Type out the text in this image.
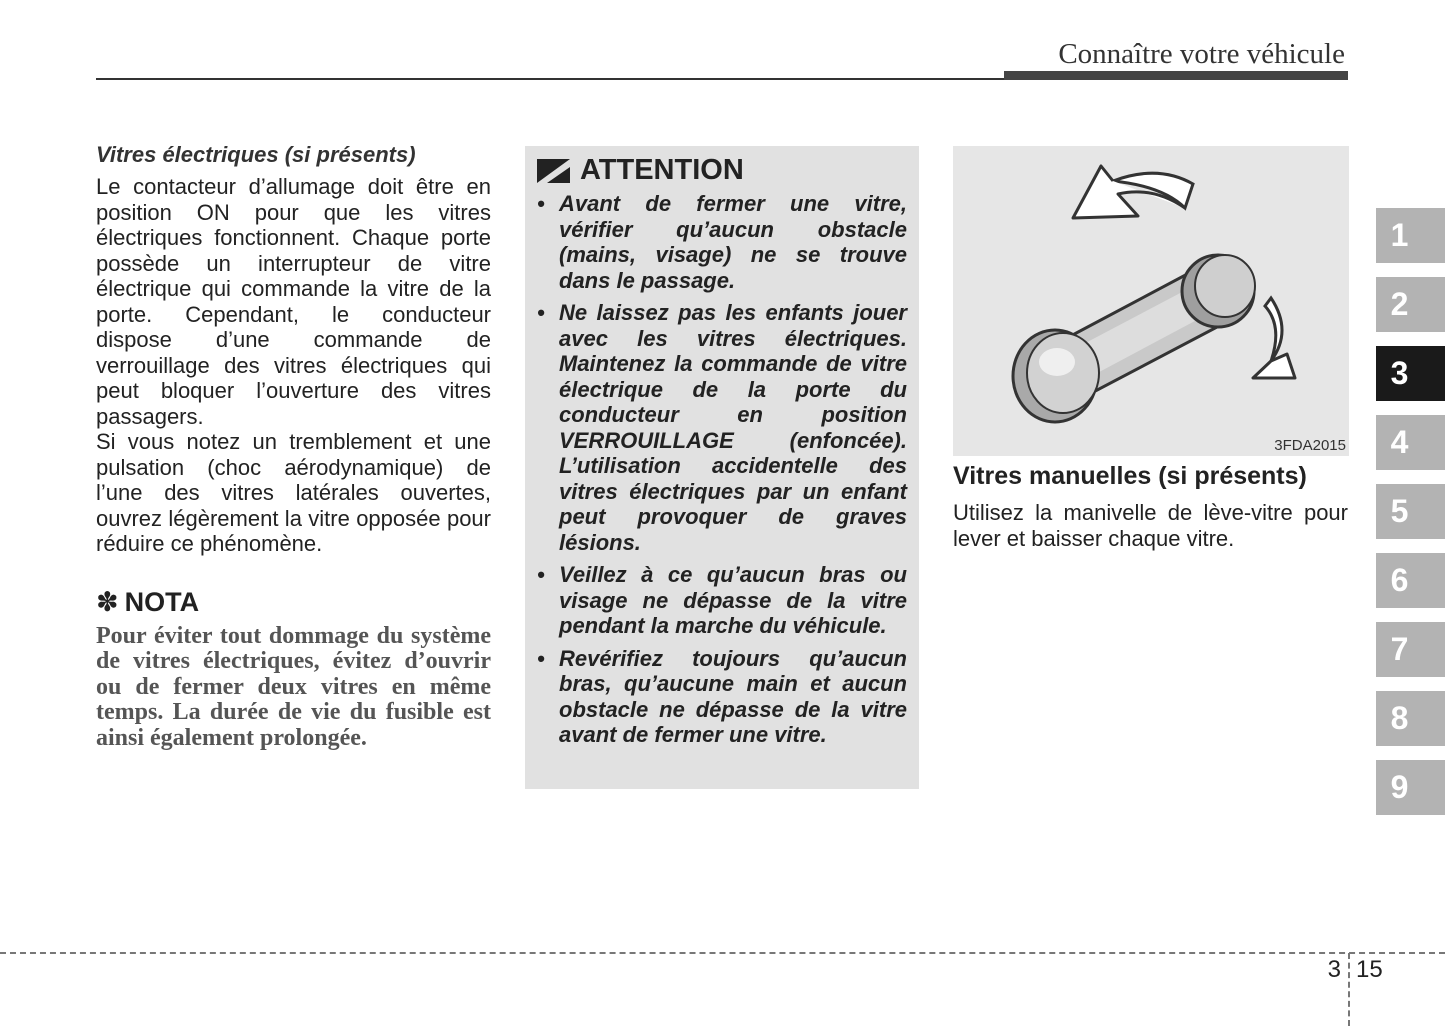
Connaître votre véhicule

Vitres électriques (si présents)

Le contacteur d’allumage doit être en position ON pour que les vitres électriques fonctionnent. Chaque porte possède un interrupteur de vitre électrique qui commande la vitre de la porte. Cependant, le conducteur dispose d’une commande de verrouillage des vitres électriques qui peut bloquer l’ouverture des vitres passagers.

Si vous notez un tremblement et une pulsation (choc aérodynamique) de l’une des vitres latérales ouvertes, ouvrez légèrement la vitre opposée pour réduire ce phénomène.

✽ NOTA

Pour éviter tout dommage du système de vitres électriques, évitez d’ouvrir ou de fermer deux vitres en même temps. La durée de vie du fusible est ainsi également prolongée.

ATTENTION
• Avant de fermer une vitre, vérifier qu’aucun obstacle (mains, visage) ne se trouve dans le passage.
• Ne laissez pas les enfants jouer avec les vitres électriques. Maintenez la commande de vitre électrique de la porte du conducteur en position VERROUILLAGE (enfoncée). L’utilisation accidentelle des vitres électriques par un enfant peut provoquer de graves lésions.
• Veillez à ce qu’aucun bras ou visage ne dépasse de la vitre pendant la marche du véhicule.
• Revérifiez toujours qu’aucun bras, qu’aucune main et aucun obstacle ne dépasse de la vitre avant de fermer une vitre.
3FDA2015

Vitres manuelles (si présents)

Utilisez la manivelle de lève-vitre pour lever et baisser chaque vitre.

1
2
3
4
5
6
7
8
9
3 15
